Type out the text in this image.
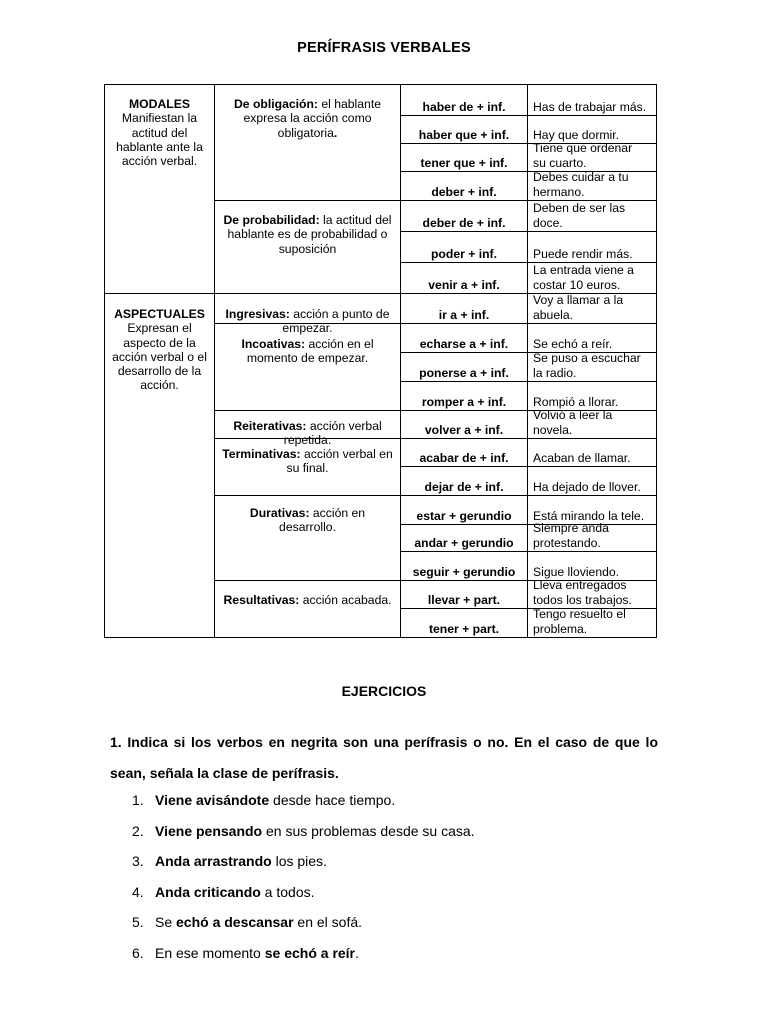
PERÍFRASIS VERBALES
MODALES
Manifiestan la actitud del hablante ante la acción verbal.
ASPECTUALES
Expresan el aspecto de la acción verbal o el desarrollo de la acción.
De obligación: el hablante expresa la acción como obligatoria.
De probabilidad: la actitud del hablante es de probabilidad o suposición
Ingresivas: acción a punto de empezar.
Incoativas: acción en el momento de empezar.
Reiterativas: acción verbal repetida.
Terminativas: acción verbal en su final.
Durativas: acción en desarrollo.
Resultativas: acción acabada.
haber de + inf. Has de trabajar más.
haber que + inf. Hay que dormir.
tener que + inf.
Tiene que ordenar
su cuarto.
deber + inf.
Debes cuidar a tu
hermano.
deber de + inf.
Deben de ser las
doce.
poder + inf.	Puede rendir más.
venir a + inf.
La entrada viene a
costar 10 euros.
ir a + inf.
Voy a llamar a la
abuela.
echarse a + inf. Se echó a reír.
ponerse a + inf.
Se puso a escuchar
la radio.
romper a + inf. Rompió a llorar.
volver a + inf.
Volvió a leer la
novela.
acabar de + inf. Acaban de llamar.
dejar de + inf. Ha dejado de llover.
estar + gerundio Está mirando la tele.
andar + gerundio
Siempre anda
protestando.
seguir + gerundio Sigue lloviendo.
llevar + part.
Lleva entregados
todos los trabajos.
tener + part.
Tengo resuelto el
problema.
EJERCICIOS
1. Indica si los verbos en negrita son una perífrasis o no. En el caso de que lo sean, señala la clase de perífrasis.
1. Viene avisándote desde hace tiempo.
2. Viene pensando en sus problemas desde su casa.
3. Anda arrastrando los pies.
4. Anda criticando a todos.
5. Se echó a descansar en el sofá.
6. En ese momento se echó a reír.
